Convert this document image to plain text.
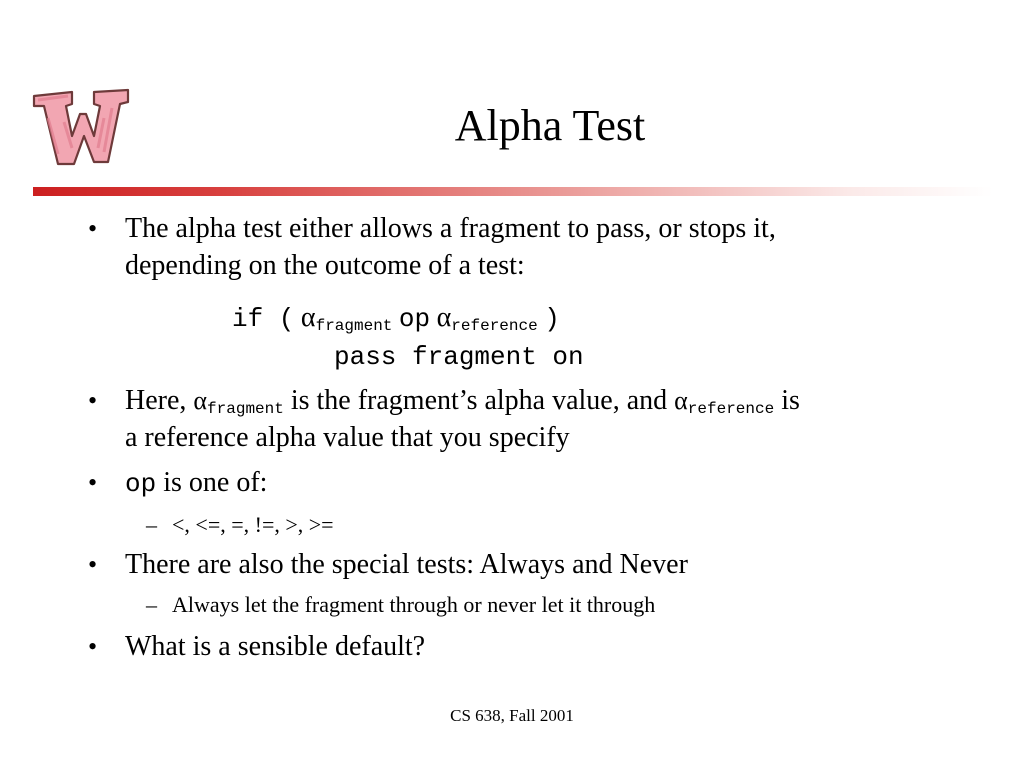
Alpha Test
• The alpha test either allows a fragment to pass, or stops it,
depending on the outcome of a test:
if ( $\alpha_{fragment}$ op $\alpha_{reference}$ )
pass fragment on
• Here, $\alpha_{fragment}$ is the fragment’s alpha value, and $\alpha_{reference}$ is
a reference alpha value that you specify
• op is one of:
– <, <=, =, !=, >, >=
• There are also the special tests: Always and Never
– Always let the fragment through or never let it through
• What is a sensible default?
CS 638, Fall 2001
